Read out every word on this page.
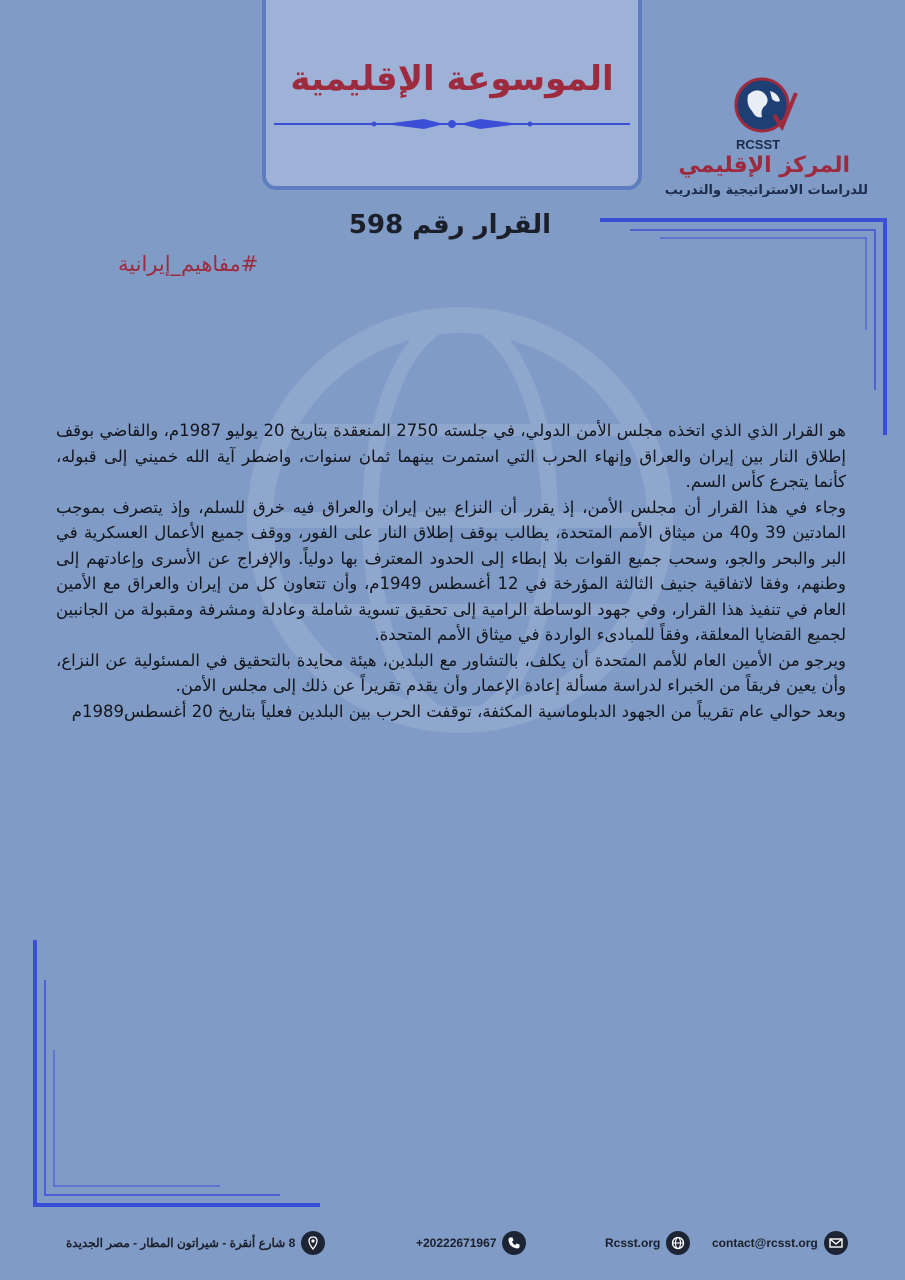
الموسوعة الإقليمية
RCSST
المركز الإقليمي
للدراسات الاستراتيجية والتدريب
القرار رقم 598
#مفاهيم_إيرانية

هو القرار الذي الذي اتخذه مجلس الأمن الدولي، في جلسته 2750 المنعقدة بتاريخ 20 يوليو 1987م، والقاضي بوقف إطلاق النار بين إيران والعراق وإنهاء الحرب التي استمرت بينهما ثمان سنوات، واضطر آية الله خميني إلى قبوله، كأنما يتجرع كأس السم.

وجاء في هذا القرار أن مجلس الأمن، إذ يقرر أن النزاع بين إيران والعراق فيه خرق للسلم، وإذ يتصرف بموجب المادتين 39 و40 من ميثاق الأمم المتحدة، يطالب بوقف إطلاق النار على الفور، ووقف جميع الأعمال العسكرية في البر والبحر والجو، وسحب جميع القوات بلا إبطاء إلى الحدود المعترف بها دولياً. والإفراج عن الأسرى وإعادتهم إلى وطنهم، وفقا لاتفاقية جنيف الثالثة المؤرخة في 12 أغسطس 1949م، وأن تتعاون كل من إيران والعراق مع الأمين العام في تنفيذ هذا القرار، وفي جهود الوساطة الرامية إلى تحقيق تسوية شاملة وعادلة ومشرفة ومقبولة من الجانبين لجميع القضايا المعلقة، وفقاً للمبادىء الواردة في ميثاق الأمم المتحدة.

ويرجو من الأمين العام للأمم المتحدة أن يكلف، بالتشاور مع البلدين، هيئة محايدة بالتحقيق في المسئولية عن النزاع، وأن يعين فريقاً من الخبراء لدراسة مسألة إعادة الإعمار وأن يقدم تقريراً عن ذلك إلى مجلس الأمن.

وبعد حوالي عام تقريباً من الجهود الدبلوماسية المكثفة، توقفت الحرب بين البلدين فعلياً بتاريخ 20 أغسطس1989م

contact@rcsst.org
Rcsst.org
+20222671967
8 شارع أنقرة - شيراتون المطار - مصر الجديدة
